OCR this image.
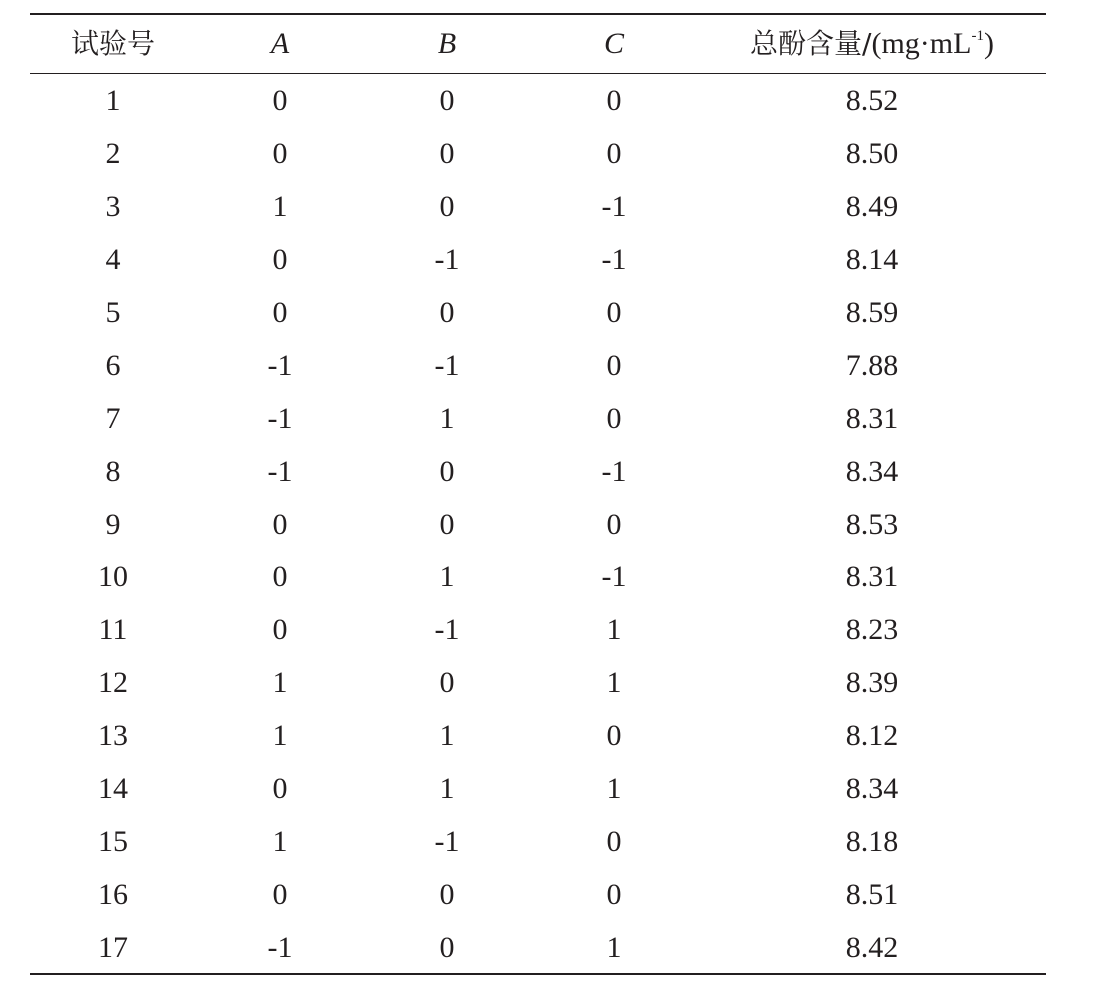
试验号	A	B	C	总酚含量$/(mg\cdot mL^{-1})$
1	0	0	0	8.52
2	0	0	0	8.50
3	1	0	-1	8.49
4	0	-1	-1	8.14
5	0	0	0	8.59
6	-1	-1	0	7.88
7	-1	1	0	8.31
8	-1	0	-1	8.34
9	0	0	0	8.53
10	0	1	-1	8.31
11	0	-1	1	8.23
12	1	0	1	8.39
13	1	1	0	8.12
14	0	1	1	8.34
15	1	-1	0	8.18
16	0	0	0	8.51
17	-1	0	1	8.42
